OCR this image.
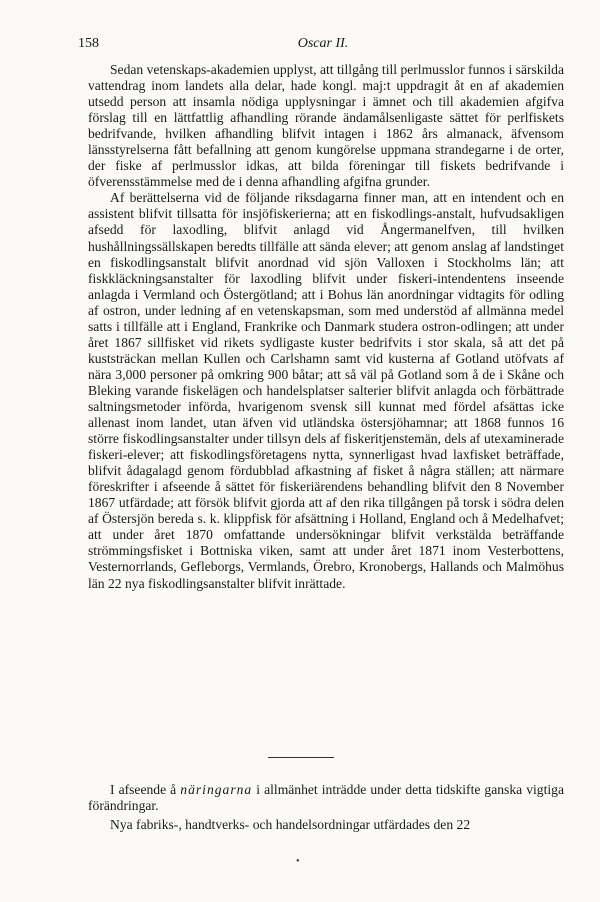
158	Oscar II.

Sedan vetenskaps-akademien upplyst, att tillgång till perlmusslor funnos i särskilda vattendrag inom landets alla delar, hade kongl. maj:t uppdragit åt en af akademien utsedd person att insamla nödiga upplysningar i ämnet och till akademien afgifva förslag till en lättfattlig afhandling rörande ändamålsenligaste sättet för perlfiskets bedrifvande, hvilken afhandling blifvit intagen i 1862 års almanack, äfvensom länsstyrelserna fått befallning att genom kungörelse uppmana strandegarne i de orter, der fiske af perlmusslor idkas, att bilda föreningar till fiskets bedrifvande i öfverensstämmelse med de i denna afhandling afgifna grunder.

Af berättelserna vid de följande riksdagarna finner man, att en intendent och en assistent blifvit tillsatta för insjöfiskerierna; att en fiskodlings-anstalt, hufvudsakligen afsedd för laxodling, blifvit anlagd vid Ångermanelfven, till hvilken hushållningssällskapen beredts tillfälle att sända elever; att genom anslag af landstinget en fiskodlingsanstalt blifvit anordnad vid sjön Valloxen i Stockholms län; att fiskkläckningsanstalter för laxodling blifvit under fiskeri-intendentens inseende anlagda i Vermland och Östergötland; att i Bohus län anordningar vidtagits för odling af ostron, under ledning af en vetenskapsman, som med understöd af allmänna medel satts i tillfälle att i England, Frankrike och Danmark studera ostron-odlingen; att under året 1867 sillfisket vid rikets sydligaste kuster bedrifvits i stor skala, så att det på kuststräckan mellan Kullen och Carlshamn samt vid kusterna af Gotland utöfvats af nära 3,000 personer på omkring 900 båtar; att så väl på Gotland som å de i Skåne och Bleking varande fiskelägen och handelsplatser salterier blifvit anlagda och förbättrade saltningsmetoder införda, hvarigenom svensk sill kunnat med fördel afsättas icke allenast inom landet, utan äfven vid utländska östersjöhamnar; att 1868 funnos 16 större fiskodlingsanstalter under tillsyn dels af fiskeritjenstemän, dels af utexaminerade fiskeri-elever; att fiskodlingsföretagens nytta, synnerligast hvad laxfisket beträffade, blifvit ådagalagd genom fördubblad afkastning af fisket å några ställen; att närmare föreskrifter i afseende å sättet för fiskeriärendens behandling blifvit den 8 November 1867 utfärdade; att försök blifvit gjorda att af den rika tillgången på torsk i södra delen af Östersjön bereda s. k. klippfisk för afsättning i Holland, England och å Medelhafvet; att under året 1870 omfattande undersökningar blifvit verkstälda beträffande strömmingsfisket i Bottniska viken, samt att under året 1871 inom Vesterbottens, Vesternorrlands, Gefleborgs, Vermlands, Örebro, Kronobergs, Hallands och Malmöhus län 22 nya fiskodlingsanstalter blifvit inrättade.

I afseende å näringarna i allmänhet inträdde under detta tidskifte ganska vigtiga förändringar.

Nya fabriks-, handtverks- och handelsordningar utfärdades den 22

●
